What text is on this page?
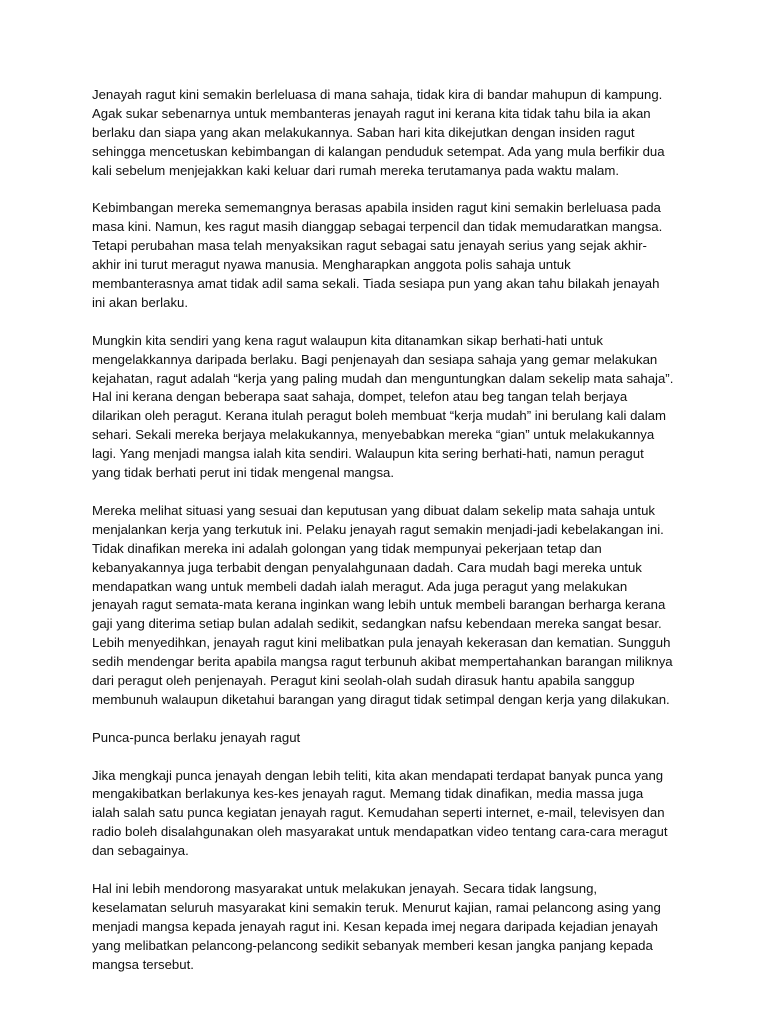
Jenayah ragut kini semakin berleluasa di mana sahaja, tidak kira di bandar mahupun di kampung. Agak sukar sebenarnya untuk membanteras jenayah ragut ini kerana kita tidak tahu bila ia akan berlaku dan siapa yang akan melakukannya. Saban hari kita dikejutkan dengan insiden ragut sehingga mencetuskan kebimbangan di kalangan penduduk setempat. Ada yang mula berfikir dua kali sebelum menjejakkan kaki keluar dari rumah mereka terutamanya pada waktu malam.

Kebimbangan mereka sememangnya berasas apabila insiden ragut kini semakin berleluasa pada masa kini. Namun, kes ragut masih dianggap sebagai terpencil dan tidak memudaratkan mangsa. Tetapi perubahan masa telah menyaksikan ragut sebagai satu jenayah serius yang sejak akhir-akhir ini turut meragut nyawa manusia. Mengharapkan anggota polis sahaja untuk membanterasnya amat tidak adil sama sekali. Tiada sesiapa pun yang akan tahu bilakah jenayah ini akan berlaku.

Mungkin kita sendiri yang kena ragut walaupun kita ditanamkan sikap berhati-hati untuk mengelakkannya daripada berlaku. Bagi penjenayah dan sesiapa sahaja yang gemar melakukan kejahatan, ragut adalah “kerja yang paling mudah dan menguntungkan dalam sekelip mata sahaja”. Hal ini kerana dengan beberapa saat sahaja, dompet, telefon atau beg tangan telah berjaya dilarikan oleh peragut. Kerana itulah peragut boleh membuat “kerja mudah” ini berulang kali dalam sehari. Sekali mereka berjaya melakukannya, menyebabkan mereka “gian” untuk melakukannya lagi. Yang menjadi mangsa ialah kita sendiri. Walaupun kita sering berhati-hati, namun peragut yang tidak berhati perut ini tidak mengenal mangsa.

Mereka melihat situasi yang sesuai dan keputusan yang dibuat dalam sekelip mata sahaja untuk menjalankan kerja yang terkutuk ini. Pelaku jenayah ragut semakin menjadi-jadi kebelakangan ini. Tidak dinafikan mereka ini adalah golongan yang tidak mempunyai pekerjaan tetap dan kebanyakannya juga terbabit dengan penyalahgunaan dadah. Cara mudah bagi mereka untuk mendapatkan wang untuk membeli dadah ialah meragut. Ada juga peragut yang melakukan jenayah ragut semata-mata kerana inginkan wang lebih untuk membeli barangan berharga kerana gaji yang diterima setiap bulan adalah sedikit, sedangkan nafsu kebendaan mereka sangat besar. Lebih menyedihkan, jenayah ragut kini melibatkan pula jenayah kekerasan dan kematian. Sungguh sedih mendengar berita apabila mangsa ragut terbunuh akibat mempertahankan barangan miliknya dari peragut oleh penjenayah. Peragut kini seolah-olah sudah dirasuk hantu apabila sanggup membunuh walaupun diketahui barangan yang diragut tidak setimpal dengan kerja yang dilakukan.

Punca-punca berlaku jenayah ragut

Jika mengkaji punca jenayah dengan lebih teliti, kita akan mendapati terdapat banyak punca yang mengakibatkan berlakunya kes-kes jenayah ragut. Memang tidak dinafikan, media massa juga ialah salah satu punca kegiatan jenayah ragut. Kemudahan seperti internet, e-mail, televisyen dan radio boleh disalahgunakan oleh masyarakat untuk mendapatkan video tentang cara-cara meragut dan sebagainya.

Hal ini lebih mendorong masyarakat untuk melakukan jenayah. Secara tidak langsung, keselamatan seluruh masyarakat kini semakin teruk. Menurut kajian, ramai pelancong asing yang menjadi mangsa kepada jenayah ragut ini. Kesan kepada imej negara daripada kejadian jenayah yang melibatkan pelancong-pelancong sedikit sebanyak memberi kesan jangka panjang kepada mangsa tersebut.
